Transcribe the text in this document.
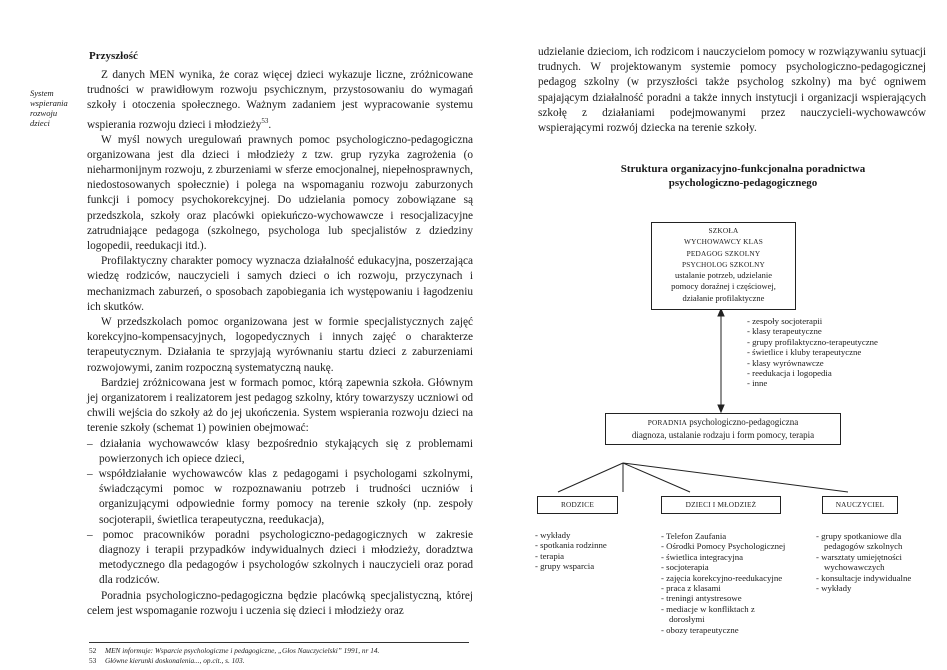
System wspierania rozwoju dzieci
Przyszłość

Z danych MEN wynika, że coraz więcej dzieci wykazuje liczne, zróżnicowane trudności w prawidłowym rozwoju psychicznym, przystosowaniu do wymagań szkoły i otoczenia społecznego. Ważnym zadaniem jest wypracowanie systemu wspierania rozwoju dzieci i młodzieży$^{53}$.

W myśl nowych uregulowań prawnych pomoc psychologiczno-pedagogiczna organizowana jest dla dzieci i młodzieży z tzw. grup ryzyka zagrożenia (o nieharmonijnym rozwoju, z zburzeniami w sferze emocjonalnej, niepełnosprawnych, niedostosowanych społecznie) i polega na wspomaganiu rozwoju zaburzonych funkcji i pomocy psychokorekcyjnej. Do udzielania pomocy zobowiązane są przedszkola, szkoły oraz placówki opiekuńczo-wychowawcze i resocjalizacyjne zatrudniające pedagoga (szkolnego, psychologa lub specjalistów z dziedziny logopedii, reedukacji itd.).

Profilaktyczny charakter pomocy wyznacza działalność edukacyjna, poszerzająca wiedzę rodziców, nauczycieli i samych dzieci o ich rozwoju, przyczynach i mechanizmach zaburzeń, o sposobach zapobiegania ich występowaniu i łagodzeniu ich skutków.

W przedszkolach pomoc organizowana jest w formie specjalistycznych zajęć korekcyjno-kompensacyjnych, logopedycznych i innych zajęć o charakterze terapeutycznym. Działania te sprzyjają wyrównaniu startu dzieci z zaburzeniami rozwojowymi, zanim rozpoczną systematyczną naukę.

Bardziej zróżnicowana jest w formach pomoc, którą zapewnia szkoła. Głównym jej organizatorem i realizatorem jest pedagog szkolny, który towarzyszy uczniowi od chwili wejścia do szkoły aż do jej ukończenia. System wspierania rozwoju dzieci na terenie szkoły (schemat 1) powinien obejmować:

– działania wychowawców klasy bezpośrednio stykających się z problemami powierzonych ich opiece dzieci,

– współdziałanie wychowawców klas z pedagogami i psychologami szkolnymi, świadczącymi pomoc w rozpoznawaniu potrzeb i trudności uczniów i organizującymi odpowiednie formy pomocy na terenie szkoły (np. zespoły socjoterapii, świetlica terapeutyczna, reedukacja),

– pomoc pracowników poradni psychologiczno-pedagogicznych w zakresie diagnozy i terapii przypadków indywidualnych dzieci i młodzieży, doradztwa metodycznego dla pedagogów i psychologów szkolnych i nauczycieli oraz porad dla rodziców.

Poradnia psychologiczno-pedagogiczna będzie placówką specjalistyczną, której celem jest wspomaganie rozwoju i uczenia się dzieci i młodzieży oraz

52 MEN informuje: Wsparcie psychologiczne i pedagogiczne, „Głos Nauczycielski” 1991, nr 14.
53 Główne kierunki doskonalenia..., op.cit., s. 103.

udzielanie dzieciom, ich rodzicom i nauczycielom pomocy w rozwiązywaniu sytuacji trudnych. W projektowanym systemie pomocy psychologiczno-pedagogicznej pedagog szkolny (w przyszłości także psycholog szkolny) ma być ogniwem spajającym działalność poradni a także innych instytucji i organizacji wspierających szkołę z działaniami podejmowanymi przez nauczycieli-wychowawców wspierającymi rozwój dziecka na terenie szkoły.

Struktura organizacyjno-funkcjonalna poradnictwa
psychologiczno-pedagogicznego
SZKOŁA
WYCHOWAWCY KLAS
PEDAGOG SZKOLNY
PSYCHOLOG SZKOLNY
ustalanie potrzeb, udzielanie
pomocy doraźnej i częściowej,
działanie profilaktyczne
- zespoły socjoterapii
- klasy terapeutyczne
- grupy profilaktyczno-terapeutyczne
- świetlice i kluby terapeutyczne
- klasy wyrównawcze
- reedukacja i logopedia
- inne
PORADNIA psychologiczno-pedagogiczna
diagnoza, ustalanie rodzaju i form pomocy, terapia
RODZICE	DZIECI I MŁODZIEŻ	NAUCZYCIEL
- wykłady
- spotkania rodzinne
- terapia
- grupy wsparcia
- Telefon Zaufania
- Ośrodki Pomocy Psychologicznej
- świetlica integracyjna
- socjoterapia
- zajęcia korekcyjno-reedukacyjne
- praca z klasami
- treningi antystresowe
- mediacje w konfliktach z dorosłymi
- obozy terapeutyczne
- grupy spotkaniowe dla pedagogów szkolnych
- warsztaty umiejętności wychowawczych
- konsultacje indywidualne
- wykłady
